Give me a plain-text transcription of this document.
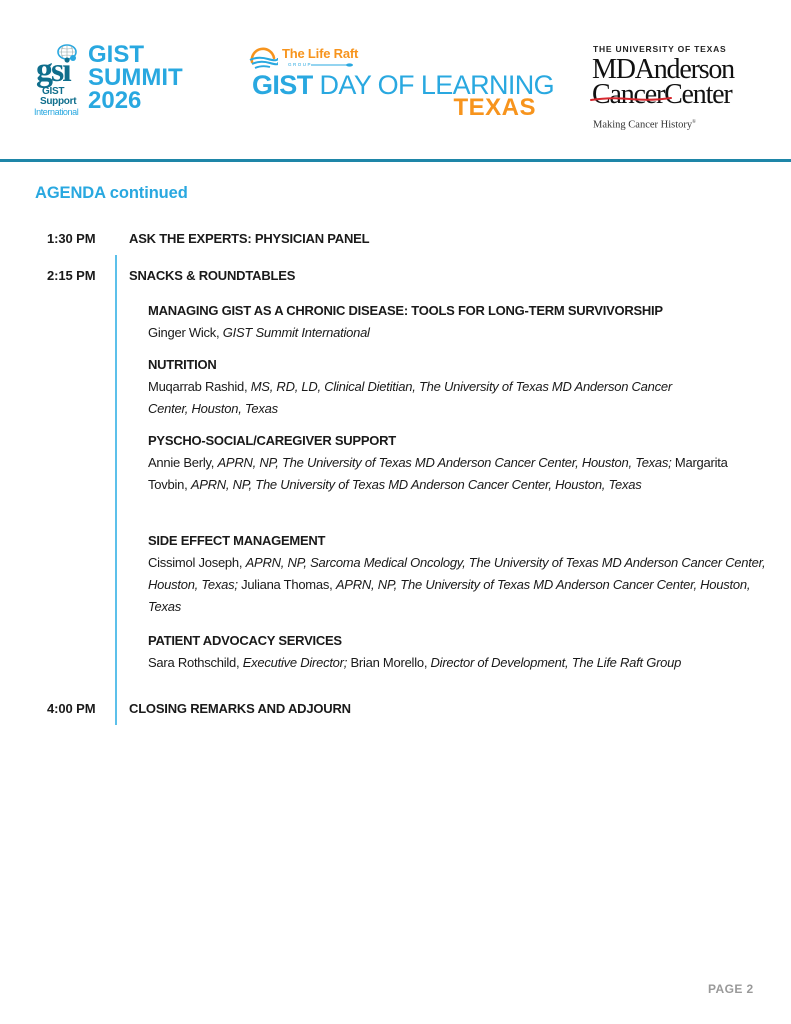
gsi
GIST
Support
International
GIST
SUMMIT
2026
The Life Raft
GROUP
GIST DAY OF LEARNING
TEXAS
THE UNIVERSITY OF TEXAS
MDAnderson
CancerCenter
Making Cancer History®
AGENDA continued
1:30 PM	ASK THE EXPERTS: PHYSICIAN PANEL
2:15 PM	SNACKS & ROUNDTABLES
MANAGING GIST AS A CHRONIC DISEASE: TOOLS FOR LONG-TERM SURVIVORSHIP
Ginger Wick, GIST Summit International
NUTRITION
Muqarrab Rashid, MS, RD, LD, Clinical Dietitian, The University of Texas MD Anderson Cancer Center, Houston, Texas
PYSCHO-SOCIAL/CAREGIVER SUPPORT
Annie Berly, APRN, NP, The University of Texas MD Anderson Cancer Center, Houston, Texas; Margarita Tovbin, APRN, NP, The University of Texas MD Anderson Cancer Center, Houston, Texas
SIDE EFFECT MANAGEMENT
Cissimol Joseph, APRN, NP, Sarcoma Medical Oncology, The University of Texas MD Anderson Cancer Center, Houston, Texas; Juliana Thomas, APRN, NP, The University of Texas MD Anderson Cancer Center, Houston, Texas
PATIENT ADVOCACY SERVICES
Sara Rothschild, Executive Director; Brian Morello, Director of Development, The Life Raft Group
4:00 PM	CLOSING REMARKS AND ADJOURN
PAGE 2
